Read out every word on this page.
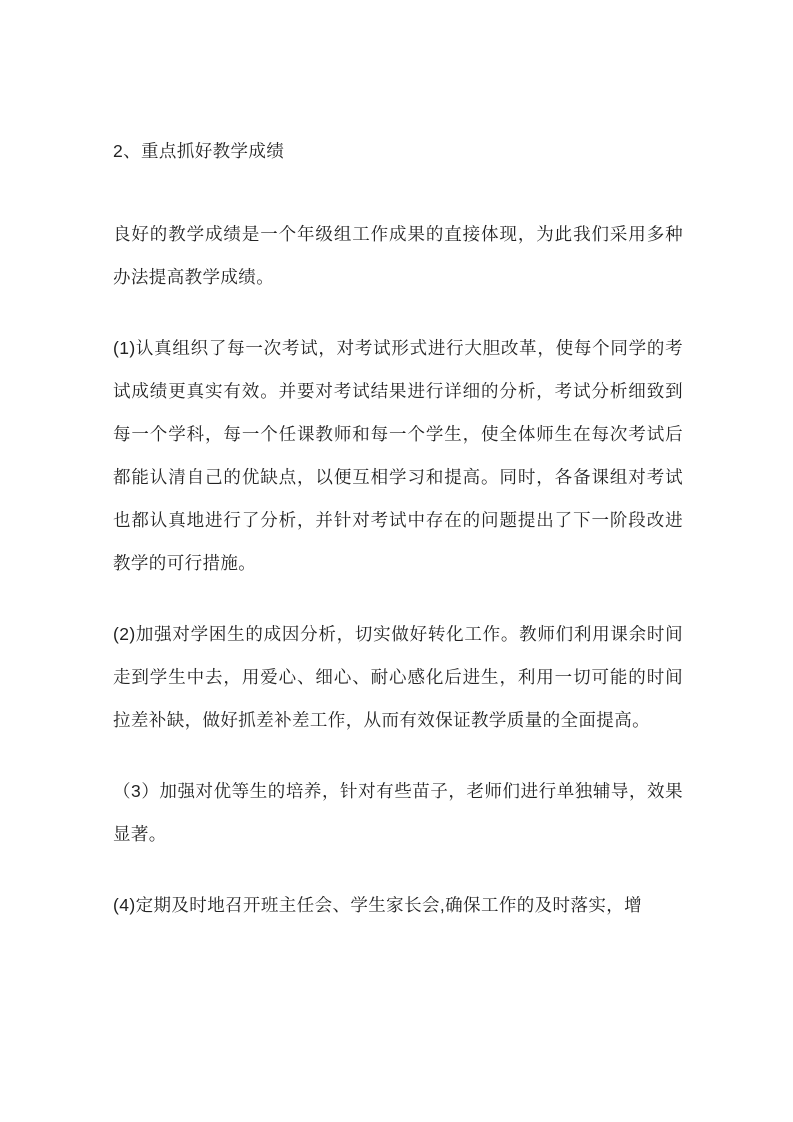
2、重点抓好教学成绩

良好的教学成绩是一个年级组工作成果的直接体现，为此我们采用多种办法提高教学成绩。

(1)认真组织了每一次考试，对考试形式进行大胆改革，使每个同学的考试成绩更真实有效。并要对考试结果进行详细的分析，考试分析细致到每一个学科，每一个任课教师和每一个学生，使全体师生在每次考试后都能认清自己的优缺点，以便互相学习和提高。同时，各备课组对考试也都认真地进行了分析，并针对考试中存在的问题提出了下一阶段改进教学的可行措施。

(2)加强对学困生的成因分析，切实做好转化工作。教师们利用课余时间走到学生中去，用爱心、细心、耐心感化后进生，利用一切可能的时间拉差补缺，做好抓差补差工作，从而有效保证教学质量的全面提高。

（3）加强对优等生的培养，针对有些苗子，老师们进行单独辅导，效果显著。

(4)定期及时地召开班主任会、学生家长会,确保工作的及时落实，增
